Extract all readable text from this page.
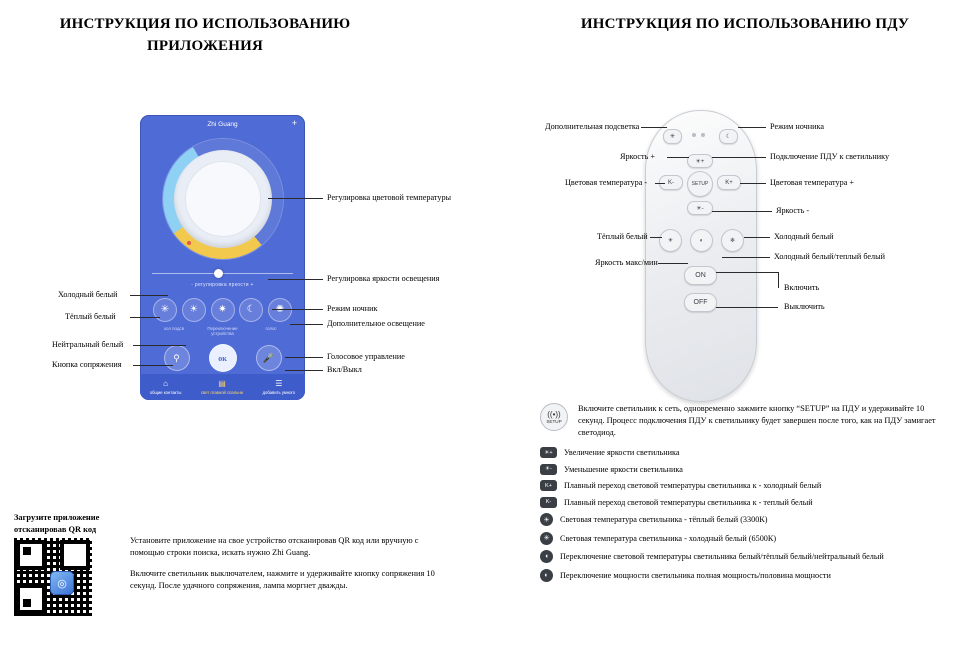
ИНСТРУКЦИЯ ПО ИСПОЛЬЗОВАНИЮ
ПРИЛОЖЕНИЯ
ИНСТРУКЦИЯ ПО ИСПОЛЬЗОВАНИЮ ПДУ
Zhi Guang	+
- регулировка яркости +
✳	☀	✷	☾
хол подсв	Переключение устройства
голос
⚲	ок	🎤
⌂
общие контакты
▤
свет главной спальни
☰
добавить умного
Регулировка цветовой температуры
Регулировка яркости освещения
Режим ночник
Дополнительное освещение
Голосовое управление
Вкл/Выкл
Холодный белый
Тёплый белый
Нейтральный белый
Кнопка сопряжения
✳	☾
☀+
K-	SETUP	K+
☀-
☀	◐	❄
ON
OFF
Дополнительная подсветка
Яркость +
Цветовая температура -
Тёплый белый
Яркость макс/мин
Режим ночника
Подключение ПДУ к светильнику
Цветовая температура +
Яркость -
Холодный белый
Холодный белый/теплый белый
Включить
Выключить
((•))
SETUP
Включите светильник к сеть, одновременно зажмите кнопку “SETUP” на ПДУ и удерживайте 10 секунд. Процесс подключения ПДУ к светильнику будет завершен после того, как на ПДУ замигает светодиод.
☀+	Увеличение яркости светильника
☀-	Уменьшение яркости светильника
K+	Плавный переход световой температуры светильника к - холодный белый
K-	Плавный переход световой температуры светильника к - теплый белый
☀	Световая температура светильника - тёплый белый (3300К)
✳	Световая температура светильника - холодный белый (6500К)
◖	Переключение световой температуры светильника белый/тёплый белый/нейтральный белый
◐	Переключение мощности светильника полная мощность/половина мощности
Загрузите приложение
отсканировав QR код
◎
Установите приложение на свое устройство отсканировав QR код или вручную с помощью строки поиска, искать нужно Zhi Guang.
Включите светильник выключателем, нажмите и удерживайте кнопку сопряжения 10 секунд. После удачного сопряжения, лампа моргнет дважды.
